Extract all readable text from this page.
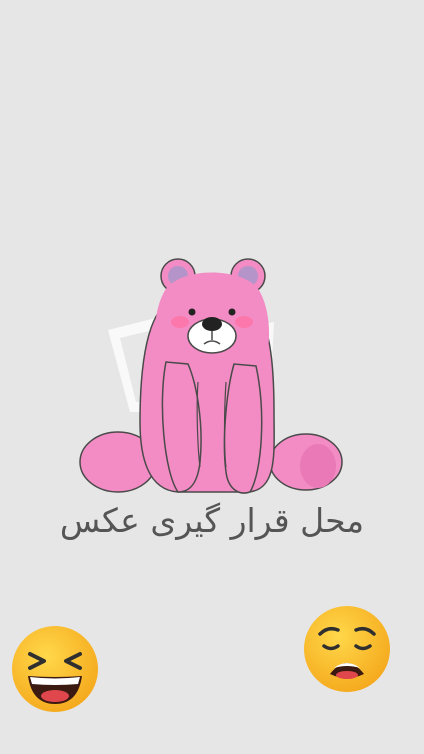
محل قرار گیری عکس
